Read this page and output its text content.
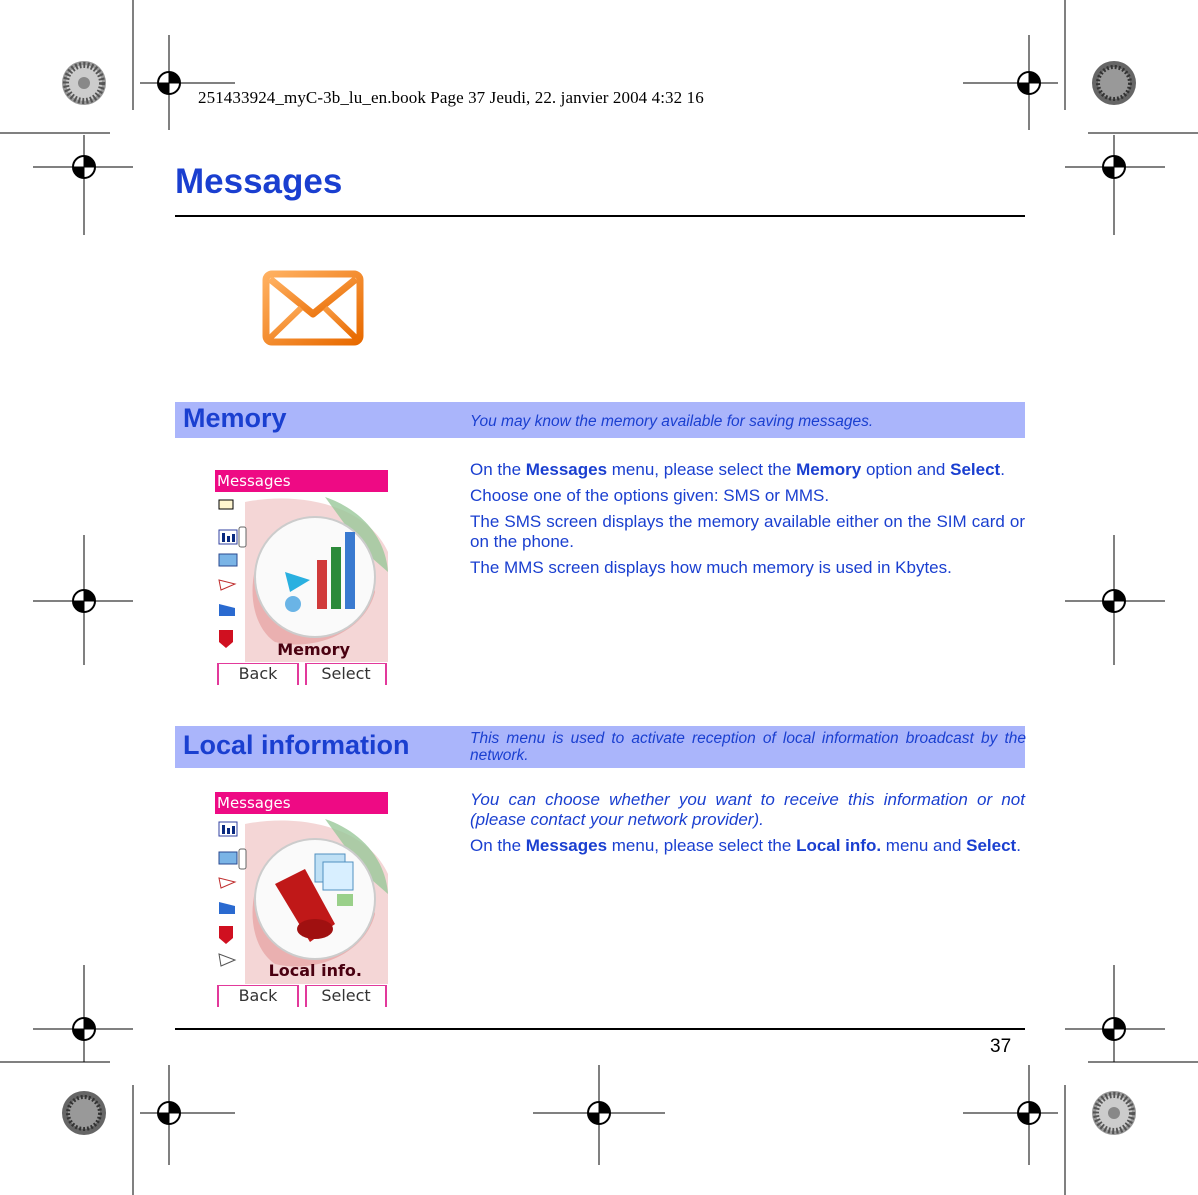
251433924_myC-3b_lu_en.book Page 37 Jeudi, 22. janvier 2004 4:32 16
Messages
Memory	You may know the memory available for saving messages.
Messages
Memory
Back	Select

On the Messages menu, please select the Memory option and Select.

Choose one of the options given: SMS or MMS.

The SMS screen displays the memory available either on the SIM card or on the phone.

The MMS screen displays how much memory is used in Kbytes.

Local information	This menu is used to activate reception of local information broadcast by the network.
Messages
Local info.
Back	Select

You can choose whether you want to receive this information or not (please contact your network provider).

On the Messages menu, please select the Local info. menu and Select.

37
